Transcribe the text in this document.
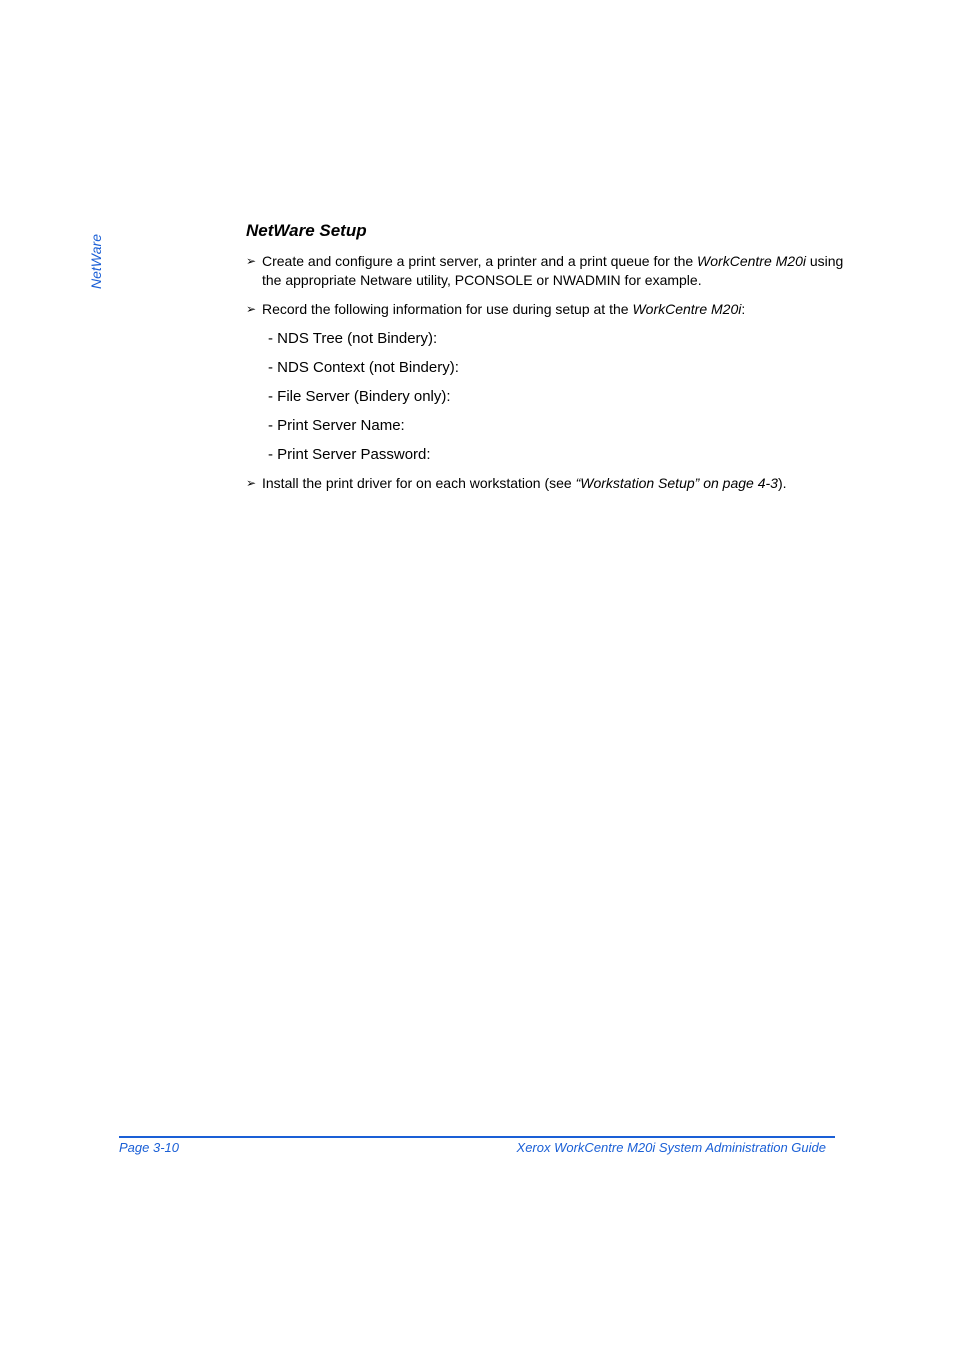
NetWare
NetWare Setup
➢ Create and configure a print server, a printer and a print queue for the WorkCentre M20i using the appropriate Netware utility, PCONSOLE or NWADMIN for example.
➢ Record the following information for use during setup at the WorkCentre M20i:
- NDS Tree (not Bindery):
- NDS Context (not Bindery):
- File Server (Bindery only):
- Print Server Name:
- Print Server Password:
➢ Install the print driver for on each workstation (see “Workstation Setup” on page 4-3).
Page 3-10	Xerox WorkCentre M20i System Administration Guide
